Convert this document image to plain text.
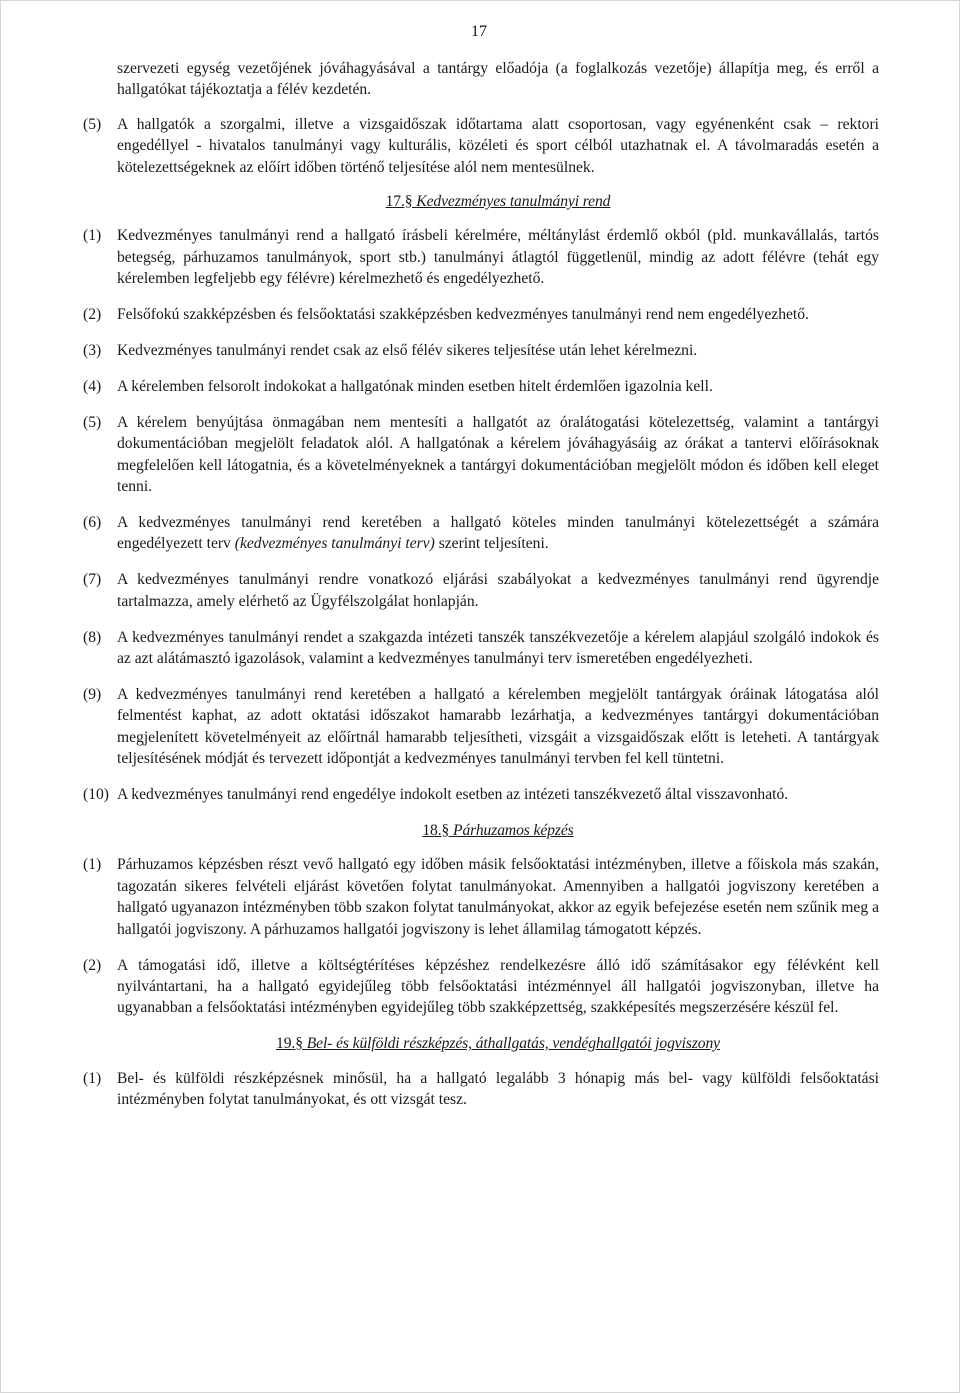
17
szervezeti egység vezetőjének jóváhagyásával a tantárgy előadója (a foglalkozás vezetője) állapítja meg, és erről a hallgatókat tájékoztatja a félév kezdetén.
(5)	A hallgatók a szorgalmi, illetve a vizsgaidőszak időtartama alatt csoportosan, vagy egyénenként csak – rektori engedéllyel - hivatalos tanulmányi vagy kulturális, közéleti és sport célból utazhatnak el. A távolmaradás esetén a kötelezettségeknek az előírt időben történő teljesítése alól nem mentesülnek.
17.§ Kedvezményes tanulmányi rend
(1)	Kedvezményes tanulmányi rend a hallgató írásbeli kérelmére, méltánylást érdemlő okból (pld. munkavállalás, tartós betegség, párhuzamos tanulmányok, sport stb.) tanulmányi átlagtól függetlenül, mindig az adott félévre (tehát egy kérelemben legfeljebb egy félévre) kérelmezhető és engedélyezhető.
(2)	Felsőfokú szakképzésben és felsőoktatási szakképzésben kedvezményes tanulmányi rend nem engedélyezhető.
(3)	Kedvezményes tanulmányi rendet csak az első félév sikeres teljesítése után lehet kérelmezni.
(4)	A kérelemben felsorolt indokokat a hallgatónak minden esetben hitelt érdemlően igazolnia kell.
(5)	A kérelem benyújtása önmagában nem mentesíti a hallgatót az óralátogatási kötelezettség, valamint a tantárgyi dokumentációban megjelölt feladatok alól. A hallgatónak a kérelem jóváhagyásáig az órákat a tantervi előírásoknak megfelelően kell látogatnia, és a követelményeknek a tantárgyi dokumentációban megjelölt módon és időben kell eleget tenni.
(6)	A kedvezményes tanulmányi rend keretében a hallgató köteles minden tanulmányi kötelezettségét a számára engedélyezett terv (kedvezményes tanulmányi terv) szerint teljesíteni.
(7)	A kedvezményes tanulmányi rendre vonatkozó eljárási szabályokat a kedvezményes tanulmányi rend ügyrendje tartalmazza, amely elérhető az Ügyfélszolgálat honlapján.
(8)	A kedvezményes tanulmányi rendet a szakgazda intézeti tanszék tanszékvezetője a kérelem alapjául szolgáló indokok és az azt alátámasztó igazolások, valamint a kedvezményes tanulmányi terv ismeretében engedélyezheti.
(9)	A kedvezményes tanulmányi rend keretében a hallgató a kérelemben megjelölt tantárgyak óráinak látogatása alól felmentést kaphat, az adott oktatási időszakot hamarabb lezárhatja, a kedvezményes tantárgyi dokumentációban megjelenített követelményeit az előírtnál hamarabb teljesítheti, vizsgáit a vizsgaidőszak előtt is leteheti. A tantárgyak teljesítésének módját és tervezett időpontját a kedvezményes tanulmányi tervben fel kell tüntetni.
(10) A kedvezményes tanulmányi rend engedélye indokolt esetben az intézeti tanszékvezető által visszavonható.
18.§ Párhuzamos képzés
(1)	Párhuzamos képzésben részt vevő hallgató egy időben másik felsőoktatási intézményben, illetve a főiskola más szakán, tagozatán sikeres felvételi eljárást követően folytat tanulmányokat. Amennyiben a hallgatói jogviszony keretében a hallgató ugyanazon intézményben több szakon folytat tanulmányokat, akkor az egyik befejezése esetén nem szűnik meg a hallgatói jogviszony. A párhuzamos hallgatói jogviszony is lehet államilag támogatott képzés.
(2)	A támogatási idő, illetve a költségtérítéses képzéshez rendelkezésre álló idő számításakor egy félévként kell nyilvántartani, ha a hallgató egyidejűleg több felsőoktatási intézménnyel áll hallgatói jogviszonyban, illetve ha ugyanabban a felsőoktatási intézményben egyidejűleg több szakképzettség, szakképesítés megszerzésére készül fel.
19.§ Bel- és külföldi részképzés, áthallgatás, vendéghallgatói jogviszony
(1)	Bel- és külföldi részképzésnek minősül, ha a hallgató legalább 3 hónapig más bel- vagy külföldi felsőoktatási intézményben folytat tanulmányokat, és ott vizsgát tesz.
